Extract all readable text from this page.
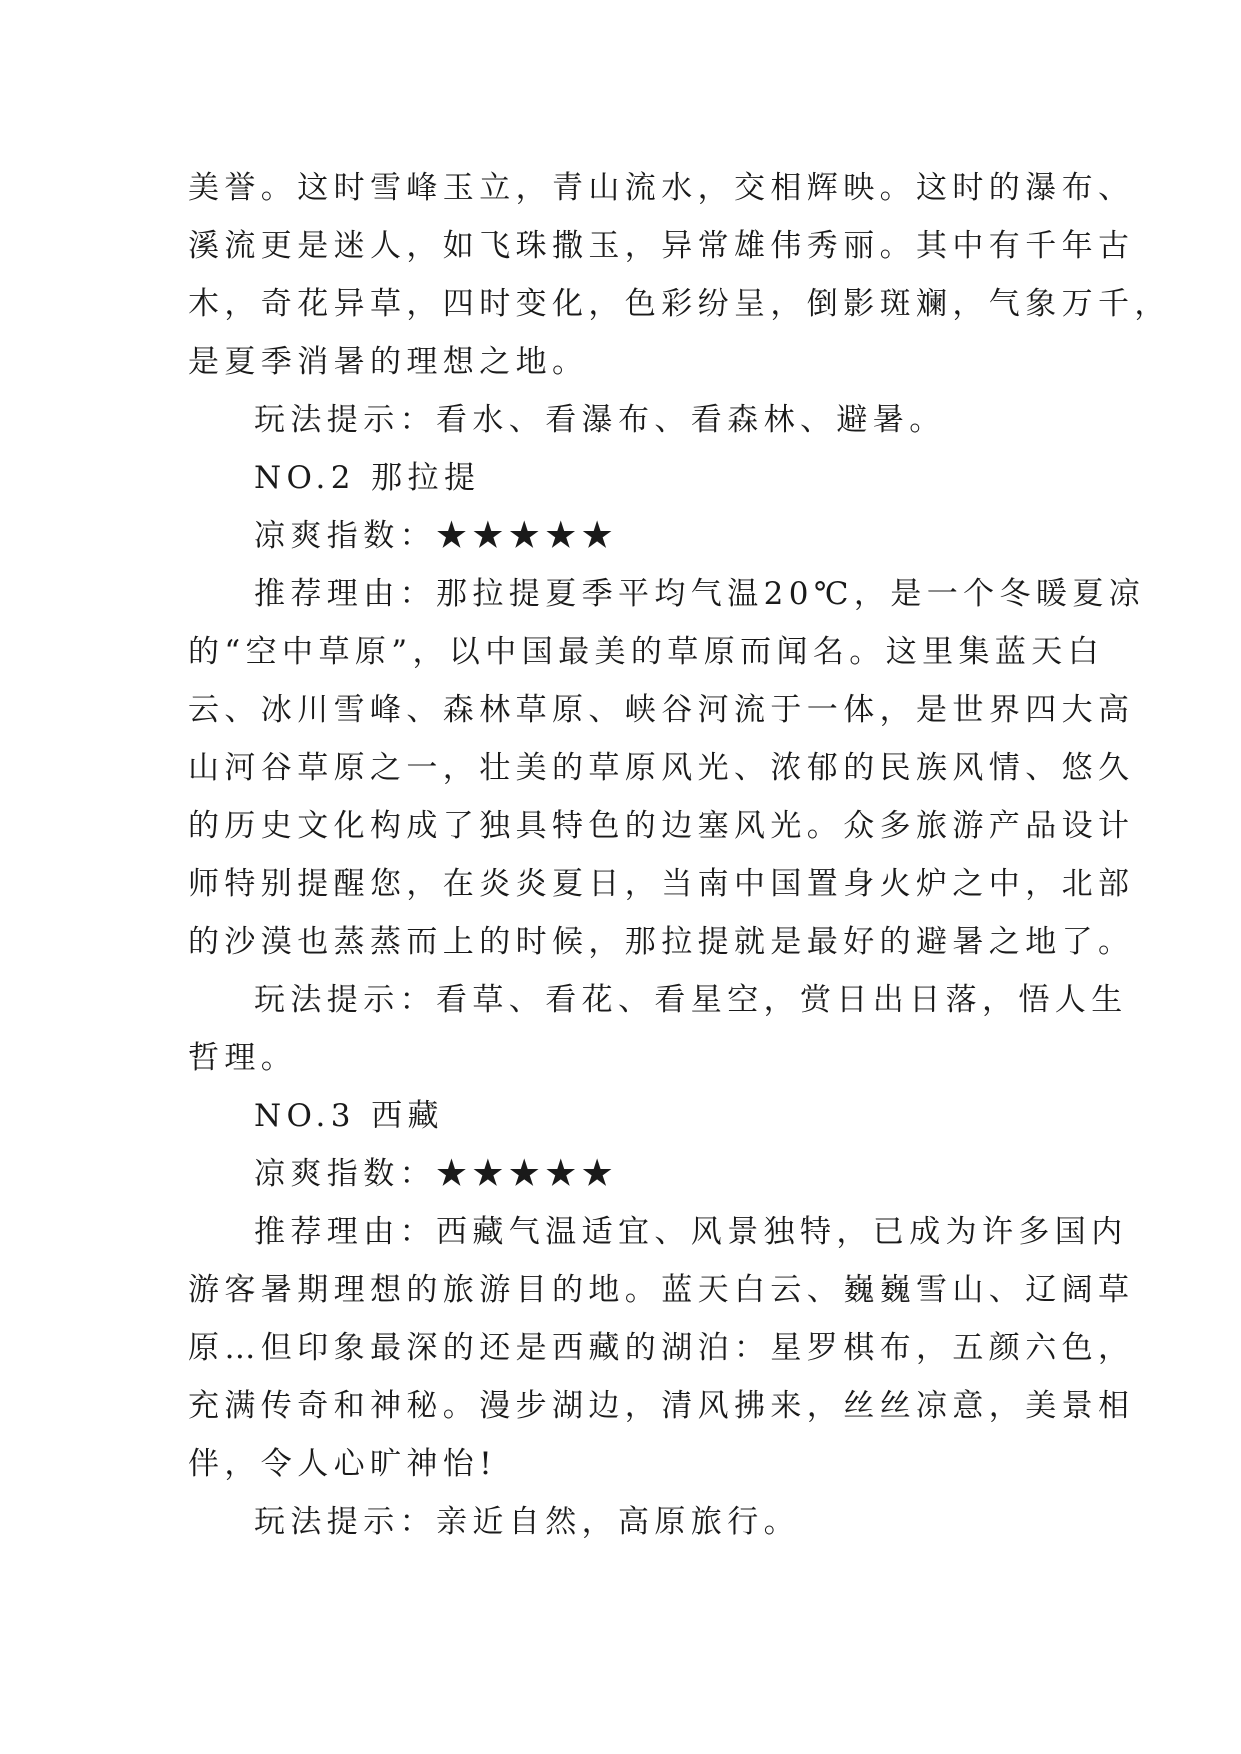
美誉。这时雪峰玉立，青山流水，交相辉映。这时的瀑布、
溪流更是迷人，如飞珠撒玉，异常雄伟秀丽。其中有千年古
木，奇花异草，四时变化，色彩纷呈，倒影斑斓，气象万千，
是夏季消暑的理想之地。
玩法提示：看水、看瀑布、看森林、避暑。
NO.2 那拉提
凉爽指数：★★★★★
推荐理由：那拉提夏季平均气温20℃，是一个冬暖夏凉
的“空中草原”，以中国最美的草原而闻名。这里集蓝天白
云、冰川雪峰、森林草原、峡谷河流于一体，是世界四大高
山河谷草原之一，壮美的草原风光、浓郁的民族风情、悠久
的历史文化构成了独具特色的边塞风光。众多旅游产品设计
师特别提醒您，在炎炎夏日，当南中国置身火炉之中，北部
的沙漠也蒸蒸而上的时候，那拉提就是最好的避暑之地了。
玩法提示：看草、看花、看星空，赏日出日落，悟人生
哲理。
NO.3 西藏
凉爽指数：★★★★★
推荐理由：西藏气温适宜、风景独特，已成为许多国内
游客暑期理想的旅游目的地。蓝天白云、巍巍雪山、辽阔草
原…但印象最深的还是西藏的湖泊：星罗棋布，五颜六色，
充满传奇和神秘。漫步湖边，清风拂来，丝丝凉意，美景相
伴，令人心旷神怡!
玩法提示：亲近自然，高原旅行。
